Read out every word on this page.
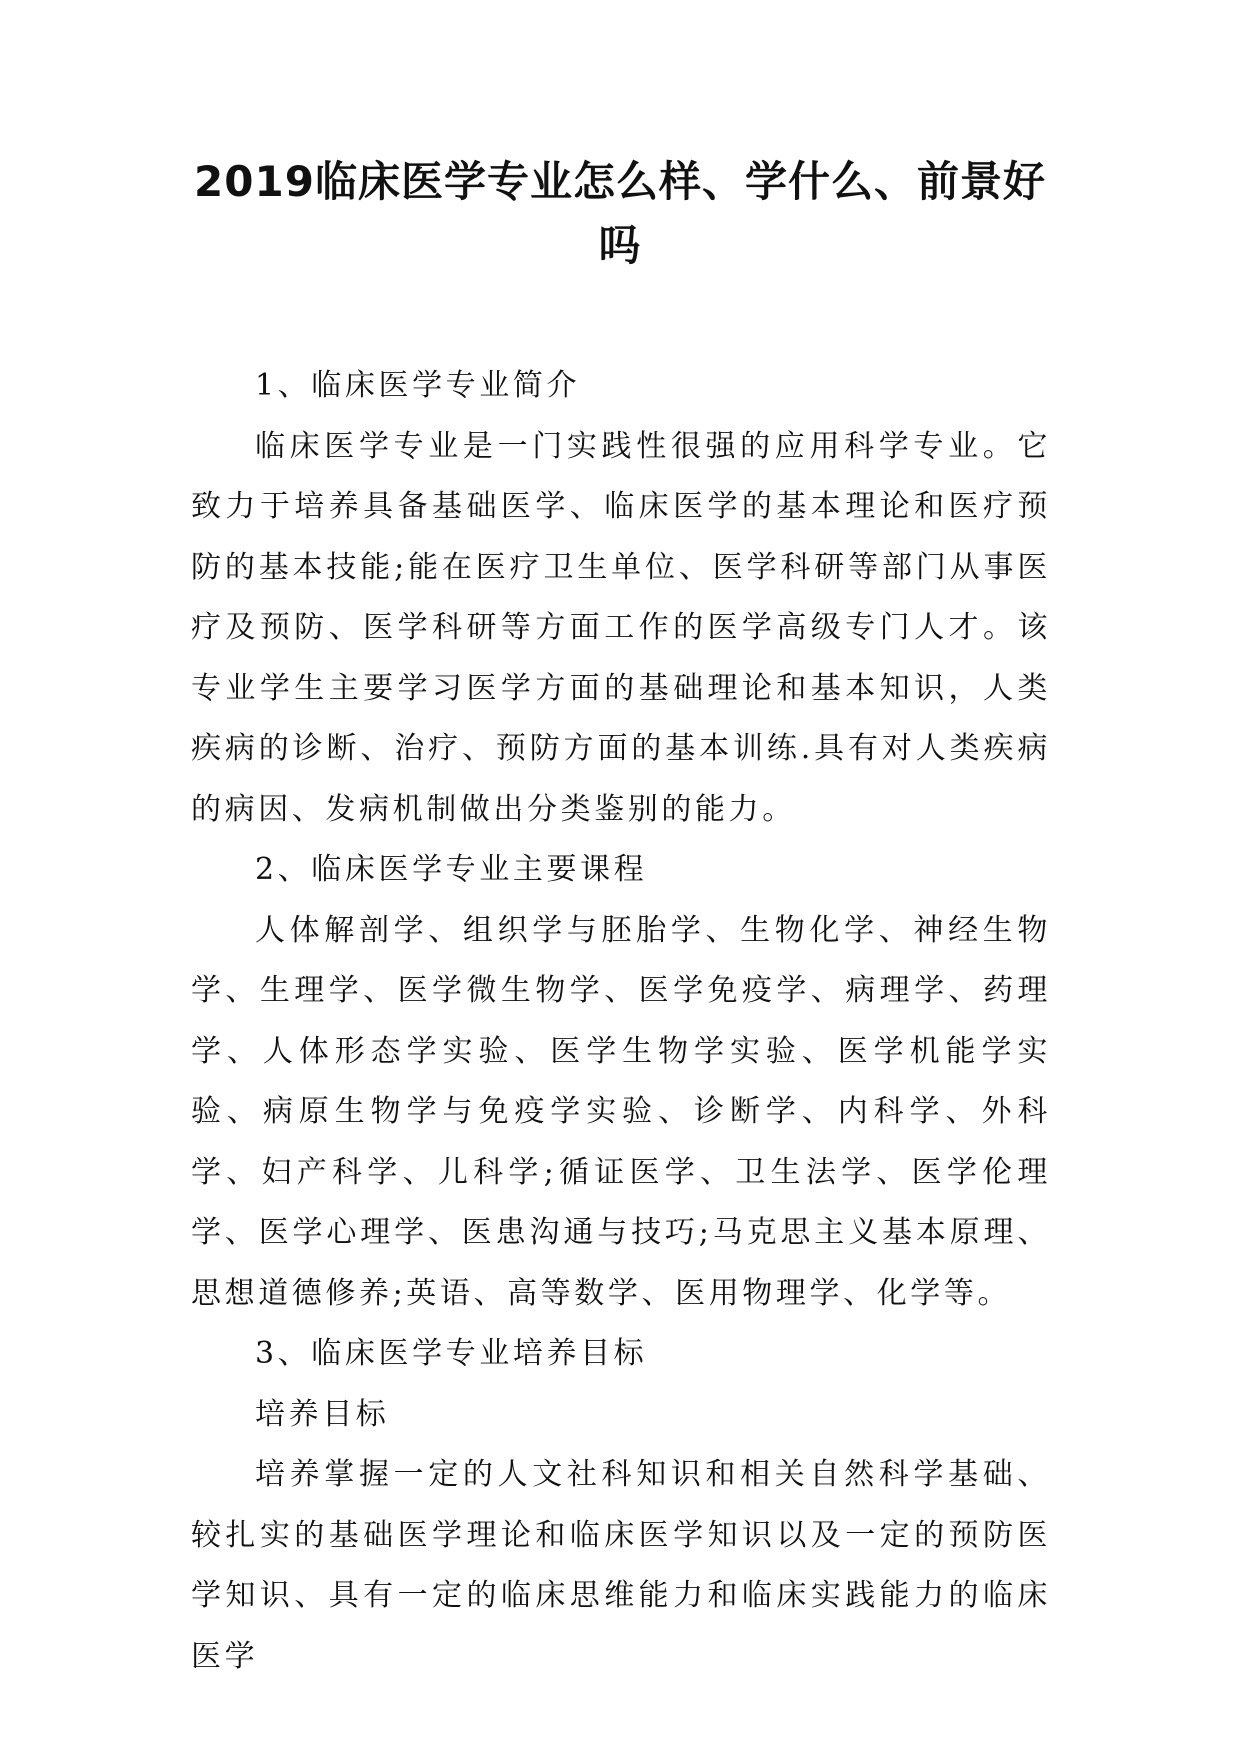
2019临床医学专业怎么样、学什么、前景好吗

1、临床医学专业简介

临床医学专业是一门实践性很强的应用科学专业。它致力于培养具备基础医学、临床医学的基本理论和医疗预防的基本技能;能在医疗卫生单位、医学科研等部门从事医疗及预防、医学科研等方面工作的医学高级专门人才。该专业学生主要学习医学方面的基础理论和基本知识，人类疾病的诊断、治疗、预防方面的基本训练.具有对人类疾病的病因、发病机制做出分类鉴别的能力。

2、临床医学专业主要课程

人体解剖学、组织学与胚胎学、生物化学、神经生物学、生理学、医学微生物学、医学免疫学、病理学、药理学、人体形态学实验、医学生物学实验、医学机能学实验、病原生物学与免疫学实验、诊断学、内科学、外科学、妇产科学、儿科学;循证医学、卫生法学、医学伦理学、医学心理学、医患沟通与技巧;马克思主义基本原理、思想道德修养;英语、高等数学、医用物理学、化学等。

3、临床医学专业培养目标

培养目标

培养掌握一定的人文社科知识和相关自然科学基础、较扎实的基础医学理论和临床医学知识以及一定的预防医学知识、具有一定的临床思维能力和临床实践能力的临床医学
